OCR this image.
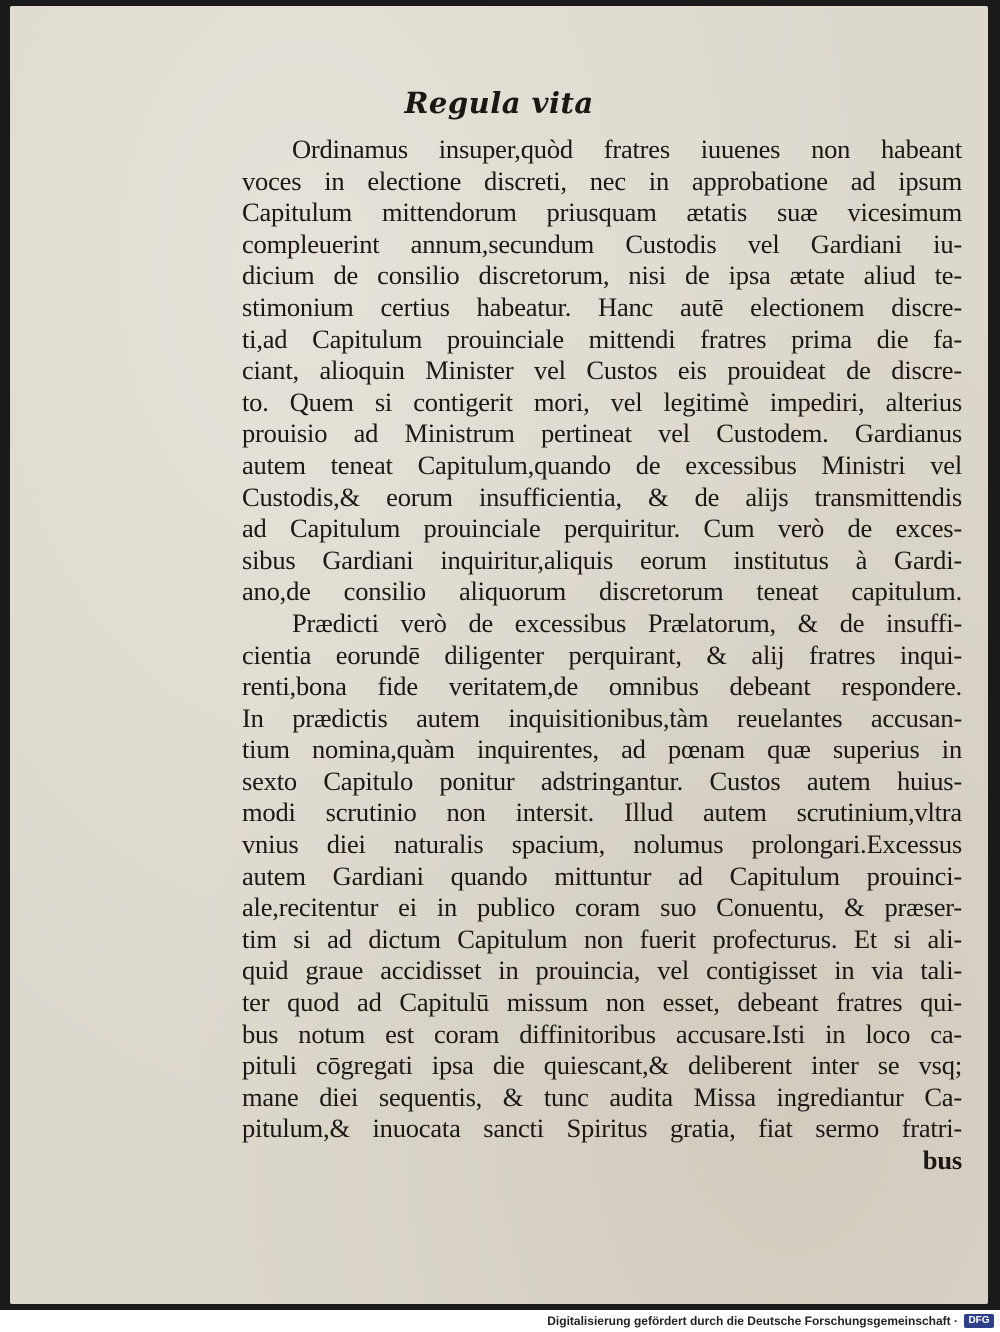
Regula vita
Ordinamus insuper,quòd fratres iuuenes non habeant
voces in electione discreti, nec in approbatione ad ipsum
Capitulum mittendorum priusquam ætatis suæ vicesimum
compleuerint annum,secundum Custodis vel Gardiani iu-
dicium de consilio discretorum, nisi de ipsa ætate aliud te-
stimonium certius habeatur. Hanc autē electionem discre-
ti,ad Capitulum prouinciale mittendi fratres prima die fa-
ciant, alioquin Minister vel Custos eis prouideat de discre-
to. Quem si contigerit mori, vel legitimè impediri, alterius
prouisio ad Ministrum pertineat vel Custodem. Gardianus
autem teneat Capitulum,quando de excessibus Ministri vel
Custodis,& eorum insufficientia, & de alijs transmittendis
ad Capitulum prouinciale perquiritur. Cum verò de exces-
sibus Gardiani inquiritur,aliquis eorum institutus à Gardi-
ano,de consilio aliquorum discretorum teneat capitulum.
Prædicti verò de excessibus Prælatorum, & de insuffi-
cientia eorundē diligenter perquirant, & alij fratres inqui-
renti,bona fide veritatem,de omnibus debeant respondere.
In prædictis autem inquisitionibus,tàm reuelantes accusan-
tium nomina,quàm inquirentes, ad pœnam quæ superius in
sexto Capitulo ponitur adstringantur. Custos autem huius-
modi scrutinio non intersit. Illud autem scrutinium,vltra
vnius diei naturalis spacium, nolumus prolongari.Excessus
autem Gardiani quando mittuntur ad Capitulum prouinci-
ale,recitentur ei in publico coram suo Conuentu, & præser-
tim si ad dictum Capitulum non fuerit profecturus. Et si ali-
quid graue accidisset in prouincia, vel contigisset in via tali-
ter quod ad Capitulū missum non esset, debeant fratres qui-
bus notum est coram diffinitoribus accusare.Isti in loco ca-
pituli cōgregati ipsa die quiescant,& deliberent inter se vsq;
mane diei sequentis, & tunc audita Missa ingrediantur Ca-
pitulum,& inuocata sancti Spiritus gratia, fiat sermo fratri-
bus
Digitalisierung gefördert durch die Deutsche Forschungsgemeinschaft ·	DFG
